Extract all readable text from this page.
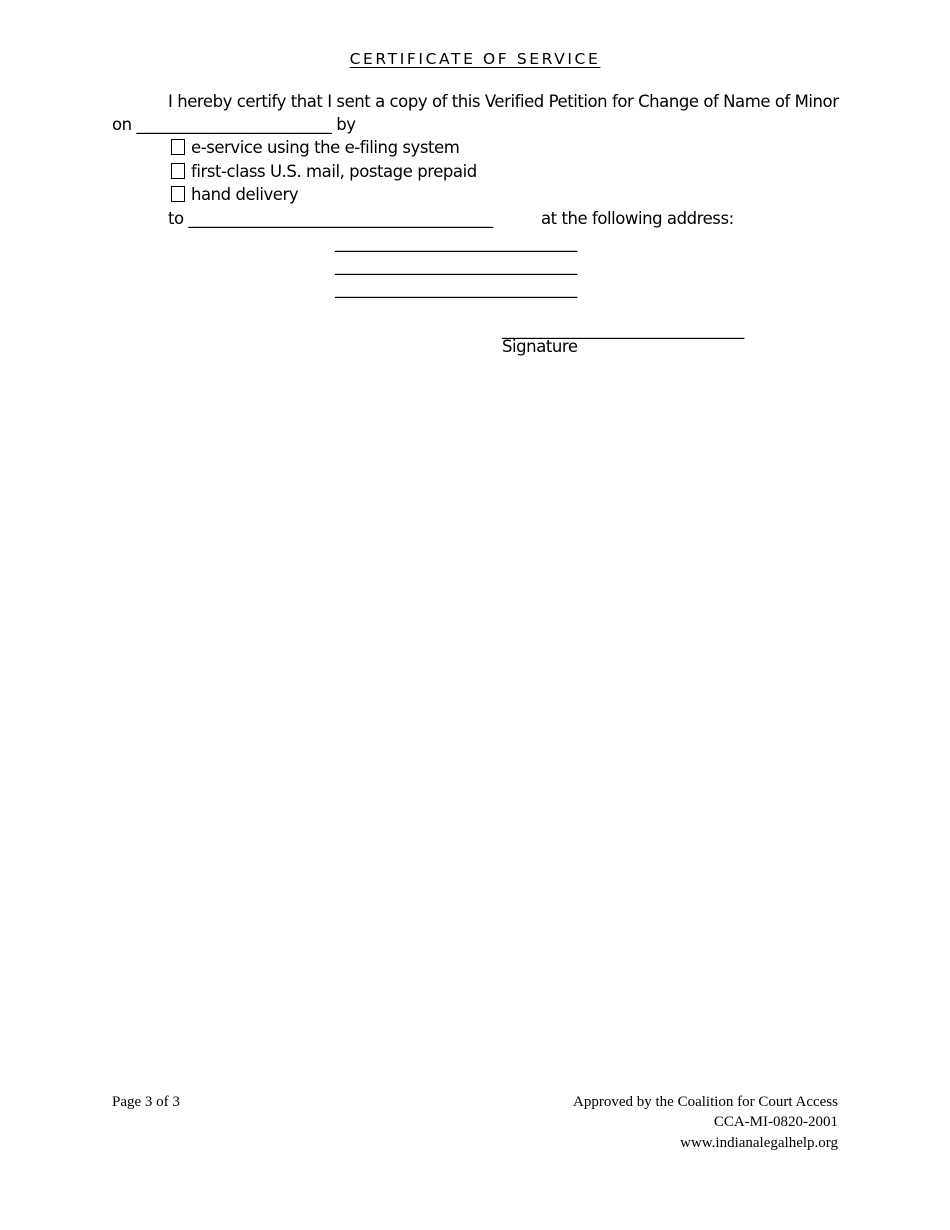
CERTIFICATE OF SERVICE
I hereby certify that I sent a copy of this Verified Petition for Change of Name of Minor
on _________________________ by
e-service using the e-filing system
first-class U.S. mail, postage prepaid
hand delivery
to _______________________________________	at the following address:
_______________________________
_______________________________
_______________________________
_______________________________
Signature
Page 3 of 3	Approved by the Coalition for Court Access
CCA-MI-0820-2001
www.indianalegalhelp.org
